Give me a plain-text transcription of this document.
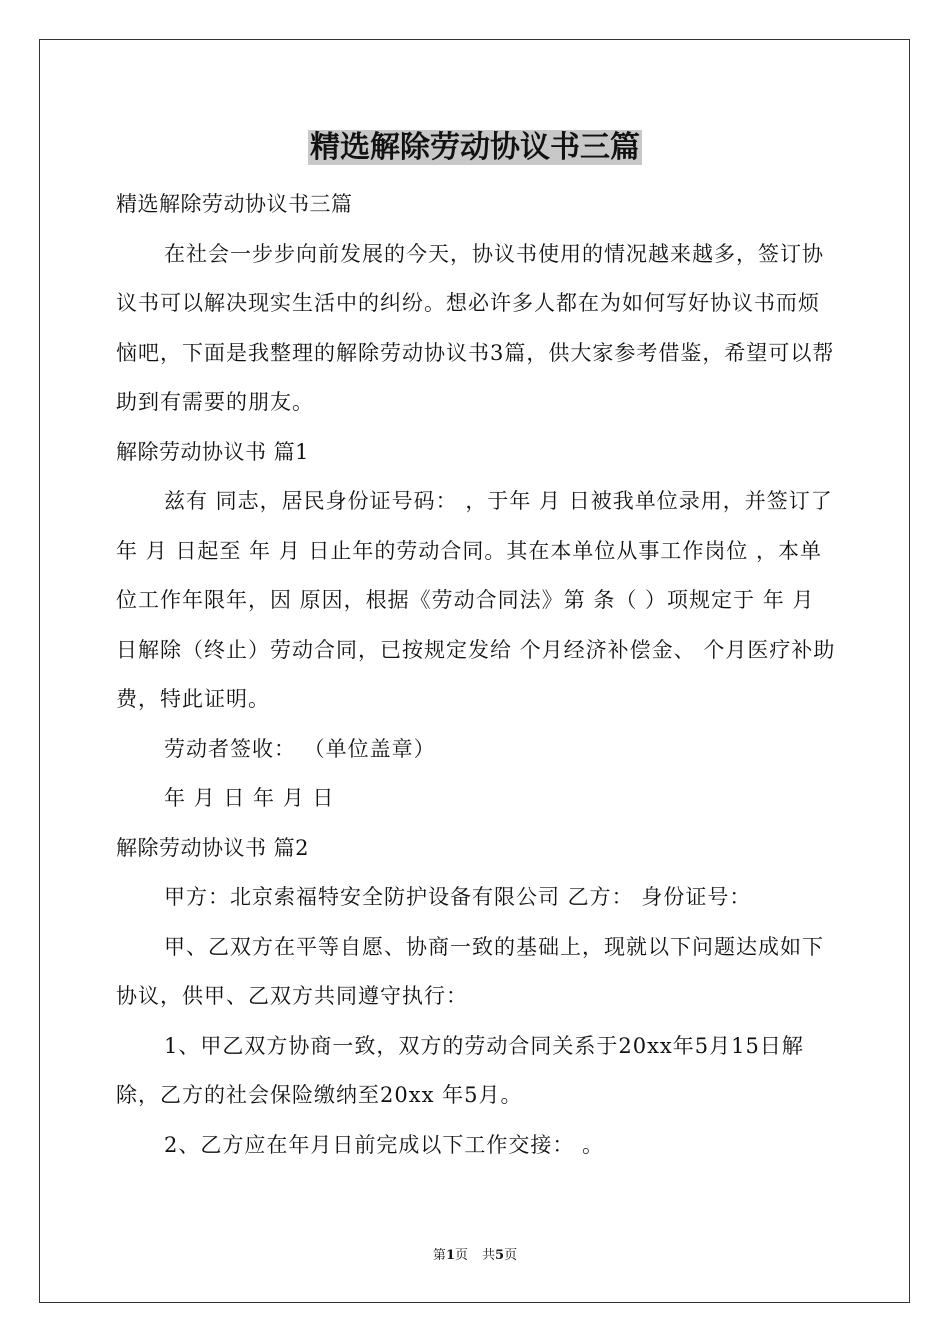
精选解除劳动协议书三篇

精选解除劳动协议书三篇

在社会一步步向前发展的今天，协议书使用的情况越来越多，签订协议书可以解决现实生活中的纠纷。想必许多人都在为如何写好协议书而烦恼吧，下面是我整理的解除劳动协议书3篇，供大家参考借鉴，希望可以帮助到有需要的朋友。

解除劳动协议书 篇1

兹有 同志，居民身份证号码： ，于年 月 日被我单位录用，并签订了 年 月 日起至 年 月 日止年的劳动合同。其在本单位从事工作岗位 ，本单位工作年限年，因 原因，根据《劳动合同法》第 条（ ）项规定于 年 月 日解除（终止）劳动合同，已按规定发给 个月经济补偿金、 个月医疗补助费，特此证明。

劳动者签收： （单位盖章）

年 月 日 年 月 日

解除劳动协议书 篇2

甲方：北京索福特安全防护设备有限公司 乙方： 身份证号：

甲、乙双方在平等自愿、协商一致的基础上，现就以下问题达成如下协议，供甲、乙双方共同遵守执行：

1、甲乙双方协商一致，双方的劳动合同关系于20xx年5月15日解除，乙方的社会保险缴纳至20xx 年5月。

2、乙方应在年月日前完成以下工作交接： 。

第1页 共5页
